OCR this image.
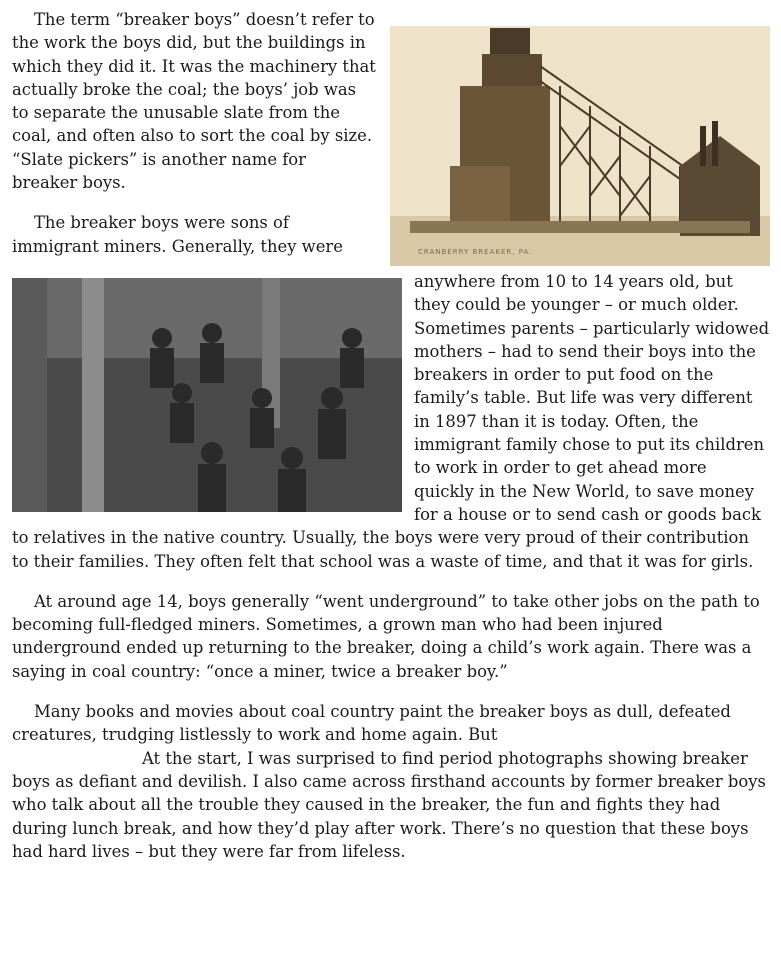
CRANBERRY BREAKER, PA.

The term “breaker boys” doesn’t refer to the work the boys did, but the buildings in which they did it. It was the machinery that actually broke the coal; the boys’ job was to separate the unusable slate from the coal, and often also to sort the coal by size. “Slate pickers” is another name for breaker boys.

The breaker boys were sons of immigrant miners. Generally, they were anywhere from 10 to 14 years old, but they could be younger – or much older. Sometimes parents – particularly widowed mothers – had to send their boys into the breakers in order to put food on the family’s table. But life was very different in 1897 than it is today. Often, the immigrant family chose to put its children to work in order to get ahead more quickly in the New World, to save money for a house or to send cash or goods back to relatives in the native country. Usually, the boys were very proud of their contribution to their families. They often felt that school was a waste of time, and that it was for girls.

At around age 14, boys generally “went underground” to take other jobs on the path to becoming full-fledged miners. Sometimes, a grown man who had been injured underground ended up returning to the breaker, doing a child’s work again. There was a saying in coal country: “once a miner, twice a breaker boy.”

Many books and movies about coal country paint the breaker boys as dull, defeated creatures, trudging listlessly to work and home again. But
At the start, I was surprised to find period photographs showing breaker boys as defiant and devilish. I also came across firsthand accounts by former breaker boys who talk about all the trouble they caused in the breaker, the fun and fights they had during lunch break, and how they’d play after work. There’s no question that these boys had hard lives – but they were far from lifeless.
